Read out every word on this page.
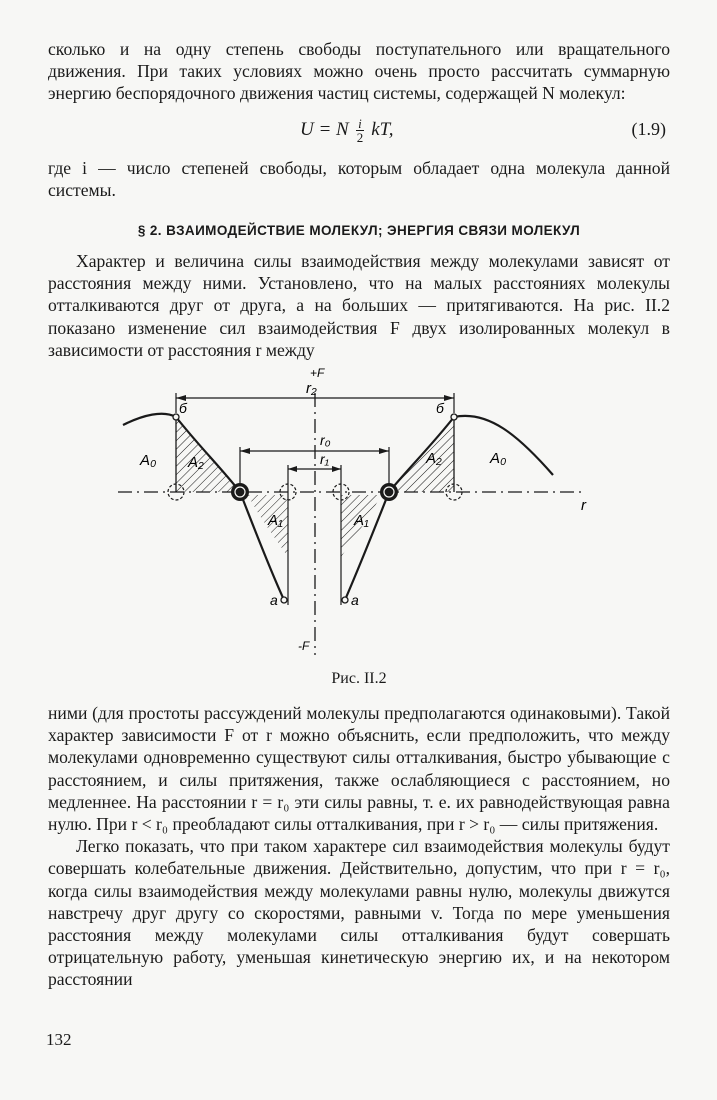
сколько и на одну степень свободы поступательного или вращательного движения. При таких условиях можно очень просто рассчитать суммарную энергию беспорядочного движения частиц системы, содержащей N молекул:

U = N $\frac{i}{2}$ kT,	(1.9)

где i — число степеней свободы, которым обладает одна молекула данной системы.

§ 2. ВЗАИМОДЕЙСТВИЕ МОЛЕКУЛ; ЭНЕРГИЯ СВЯЗИ МОЛЕКУЛ

Характер и величина силы взаимодействия между молекулами зависят от расстояния между ними. Установлено, что на малых расстояниях молекулы отталкиваются друг от друга, а на больших — притягиваются. На рис. II.2 показано изменение сил взаимодействия F двух изолированных молекул в зависимости от расстояния r между

+F
r₂
r₀
r₁
б	б
A₀ A₂	A₂	A₀
A₁	A₁
r
a	a
-F
Рис. II.2

ними (для простоты рассуждений молекулы предполагаются одинаковыми). Такой характер зависимости F от r можно объяснить, если предположить, что между молекулами одновременно существуют силы отталкивания, быстро убывающие с расстоянием, и силы притяжения, также ослабляющиеся с расстоянием, но медленнее. На расстоянии r = r₀ эти силы равны, т. е. их равнодействующая равна нулю. При r < r₀ преобладают силы отталкивания, при r > r₀ — силы притяжения.

Легко показать, что при таком характере сил взаимодействия молекулы будут совершать колебательные движения. Действительно, допустим, что при r = r₀, когда силы взаимодействия между молекулами равны нулю, молекулы движутся навстречу друг другу со скоростями, равными v. Тогда по мере уменьшения расстояния между молекулами силы отталкивания будут совершать отрицательную работу, уменьшая кинетическую энергию их, и на некотором расстоянии

132
